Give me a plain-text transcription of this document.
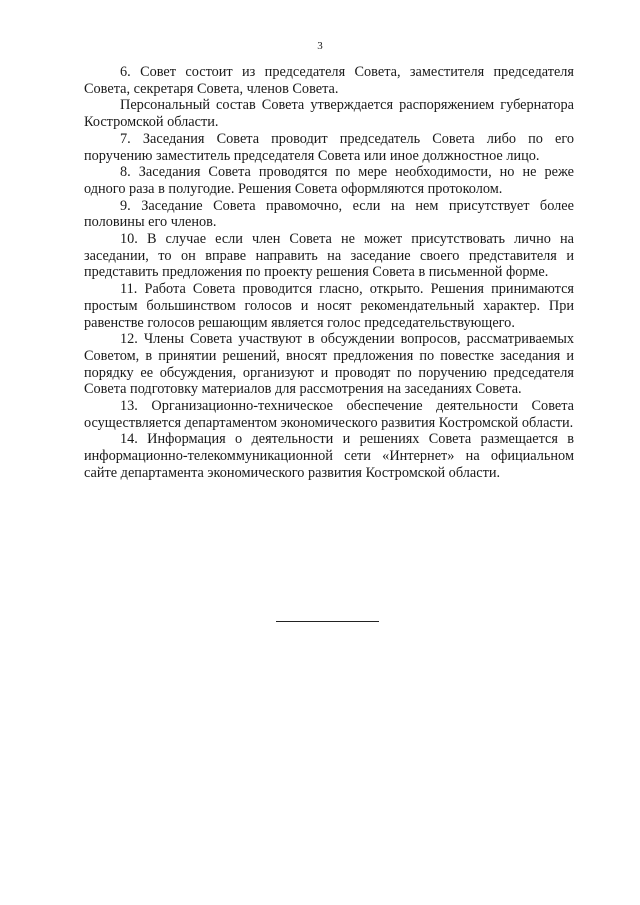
3

6. Совет состоит из председателя Совета, заместителя председателя Совета, секретаря Совета, членов Совета.

Персональный состав Совета утверждается распоряжением губернатора Костромской области.

7. Заседания Совета проводит председатель Совета либо по его поручению заместитель председателя Совета или иное должностное лицо.

8. Заседания Совета проводятся по мере необходимости, но не реже одного раза в полугодие. Решения Совета оформляются протоколом.

9. Заседание Совета правомочно, если на нем присутствует более половины его членов.

10. В случае если член Совета не может присутствовать лично на заседании, то он вправе направить на заседание своего представителя и представить предложения по проекту решения Совета в письменной форме.

11. Работа Совета проводится гласно, открыто. Решения принимаются простым большинством голосов и носят рекомендательный характер. При равенстве голосов решающим является голос председательствующего.

12. Члены Совета участвуют в обсуждении вопросов, рассматриваемых Советом, в принятии решений, вносят предложения по повестке заседания и порядку ее обсуждения, организуют и проводят по поручению председателя Совета подготовку материалов для рассмотрения на заседаниях Совета.

13. Организационно-техническое обеспечение деятельности Совета осуществляется департаментом экономического развития Костромской области.

14. Информация о деятельности и решениях Совета размещается в информационно-телекоммуникационной сети «Интернет» на официальном сайте департамента экономического развития Костромской области.
